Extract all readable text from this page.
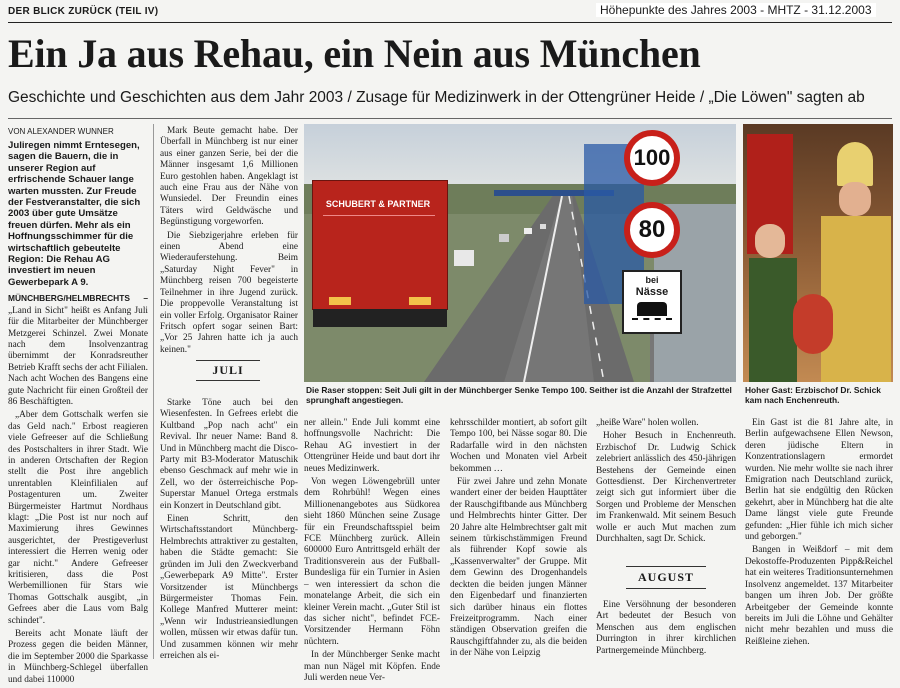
DER BLICK ZURÜCK (TEIL IV)	Höhepunkte des Jahres 2003 - MHTZ - 31.12.2003
Ein Ja aus Rehau, ein Nein aus München
Geschichte und Geschichten aus dem Jahr 2003 / Zusage für Medizinwerk in der Ottengrüner Heide / „Die Löwen" sagten ab
VON ALEXANDER WUNNER
Juliregen nimmt Erntesegen, sagen die Bauern, die in unserer Region auf erfrischende Schauer lange warten mussten. Zur Freude der Festveranstalter, die sich 2003 über gute Umsätze freuen dürfen. Mehr als ein Hoffnungsschimmer für die wirtschaftlich gebeutelte Region: Die Rehau AG investiert im neuen Gewerbepark A 9.

MÜNCHBERG/HELMBRECHTS – „Land in Sicht" heißt es Anfang Juli für die Mitarbeiter der Münchberger Metzgerei Schinzel. Zwei Monate nach dem Insolvenzantrag übernimmt der Konradsreuther Betrieb Krafft sechs der acht Filialen. Nach acht Wochen des Bangens eine gute Nachricht für einen Großteil der 86 Beschäftigten.

„Aber dem Gottschalk werfen sie das Geld nach." Erbost reagieren viele Gefreeser auf die Schließung des Postschalters in ihrer Stadt. Wie in anderen Ortschaften der Region stellt die Post ihre angeblich unrentablen Kleinfilialen auf Postagenturen um. Zweiter Bürgermeister Hartmut Nordhaus klagt: „Die Post ist nur noch auf Maximierung ihres Gewinnes ausgerichtet, der Prestigeverlust interessiert die Herren wenig oder gar nicht." Andere Gefreeser kritisieren, dass die Post Werbemillionen für Stars wie Thomas Gottschalk ausgibt, „in Gefrees aber die Laus vom Balg schindet".

Bereits acht Monate läuft der Prozess gegen die beiden Männer, die im September 2000 die Sparkasse in Münchberg-Schlegel überfallen und dabei 110000

Mark Beute gemacht habe. Der Überfall in Münchberg ist nur einer aus einer ganzen Serie, bei der die Männer insgesamt 1,6 Millionen Euro gestohlen haben. Angeklagt ist auch eine Frau aus der Nähe von Wunsiedel. Der Freundin eines Täters wird Geldwäsche und Begünstigung vorgeworfen.

Die Siebzigerjahre erleben für einen Abend eine Wiederauferstehung. Beim „Saturday Night Fever" in Münchberg reisen 700 begeisterte Teilnehmer in ihre Jugend zurück. Die proppevolle Veranstaltung ist ein voller Erfolg. Organisator Rainer Fritsch opfert sogar seinen Bart: „Vor 25 Jahren hatte ich ja auch keinen."

JULI

Starke Töne auch bei den Wiesenfesten. In Gefrees erlebt die Kultband „Pop nach acht" ein Revival. Ihr neuer Name: Band 8. Und in Münchberg macht die Disco-Party mit B3-Moderator Matuschik ebenso Geschmack auf mehr wie in Zell, wo der österreichische Pop-Superstar Manuel Ortega erstmals ein Konzert in Deutschland gibt.

Einen Schritt, den Wirtschaftsstandort Münchberg-Helmbrechts attraktiver zu gestalten, haben die Städte gemacht: Sie gründen im Juli den Zweckverband „Gewerbepark A9 Mitte". Erster Vorsitzender ist Münchbergs Bürgermeister Thomas Fein. Kollege Manfred Mutterer meint: „Wenn wir Industrieansiedlungen wollen, müssen wir etwas dafür tun. Und zusammen können wir mehr erreichen als ei-

SCHUBERT & PARTNER
100
80
bei
Nässe
Die Raser stoppen: Seit Juli gilt in der Münchberger Senke Tempo 100. Seither ist die Anzahl der Strafzettel sprunghaft angestiegen.
Hoher Gast: Erzbischof Dr. Schick kam nach Enchenreuth.

ner allein." Ende Juli kommt eine hoffnungsvolle Nachricht: Die Rehau AG investiert in der Ottengrüner Heide und baut dort ihr neues Medizinwerk.

Von wegen Löwengebrüll unter dem Rohrbühl! Wegen eines Millionenangebotes aus Südkorea sieht 1860 München seine Zusage für ein Freundschaftsspiel beim FCE Münchberg zurück. Allein 600000 Euro Antrittsgeld erhält der Traditionsverein aus der Fußball-Bundesliga für ein Turnier in Asien – wen interessiert da schon die monatelange Arbeit, die sich ein kleiner Verein macht. „Guter Stil ist das sicher nicht", befindet FCE-Vorsitzender Hermann Föhn nüchtern.

In der Münchberger Senke macht man nun Nägel mit Köpfen. Ende Juli werden neue Ver-

kehrsschilder montiert, ab sofort gilt Tempo 100, bei Nässe sogar 80. Die Radarfalle wird in den nächsten Wochen und Monaten viel Arbeit bekommen …

Für zwei Jahre und zehn Monate wandert einer der beiden Haupttäter der Rauschgiftbande aus Münchberg und Helmbrechts hinter Gitter. Der 20 Jahre alte Helmbrechtser galt mit seinem türkischstämmigen Freund als führender Kopf sowie als „Kassenverwalter" der Gruppe. Mit dem Gewinn des Drogenhandels deckten die beiden jungen Männer den Eigenbedarf und finanzierten sich darüber hinaus ein flottes Freizeitprogramm. Nach einer ständigen Observation greifen die Rauschgiftfahnder zu, als die beiden in der Nähe von Leipzig

„heiße Ware" holen wollen.

Hoher Besuch in Enchenreuth. Erzbischof Dr. Ludwig Schick zelebriert anlässlich des 450-jährigen Bestehens der Gemeinde einen Gottesdienst. Der Kirchenvertreter zeigt sich gut informiert über die Sorgen und Probleme der Menschen im Frankenwald. Mit seinem Besuch wolle er auch Mut machen zum Durchhalten, sagt Dr. Schick.

AUGUST

Eine Versöhnung der besonderen Art bedeutet der Besuch von Menschen aus dem englischen Durrington in ihrer kirchlichen Partnergemeinde Münchberg.

Ein Gast ist die 81 Jahre alte, in Berlin aufgewachsene Ellen Newson, deren jüdische Eltern in Konzentrationslagern ermordet wurden. Nie mehr wollte sie nach ihrer Emigration nach Deutschland zurück, Berlin hat sie endgültig den Rücken gekehrt, aber in Münchberg hat die alte Dame längst viele gute Freunde gefunden: „Hier fühle ich mich sicher und geborgen."

Bangen in Weißdorf – mit dem Dekostoffe-Produzenten Pipp&Reichel hat ein weiteres Traditionsunternehmen Insolvenz angemeldet. 137 Mitarbeiter bangen um ihren Job. Der größte Arbeitgeber der Gemeinde konnte bereits im Juli die Löhne und Gehälter nicht mehr bezahlen und muss die Reißleine ziehen.
